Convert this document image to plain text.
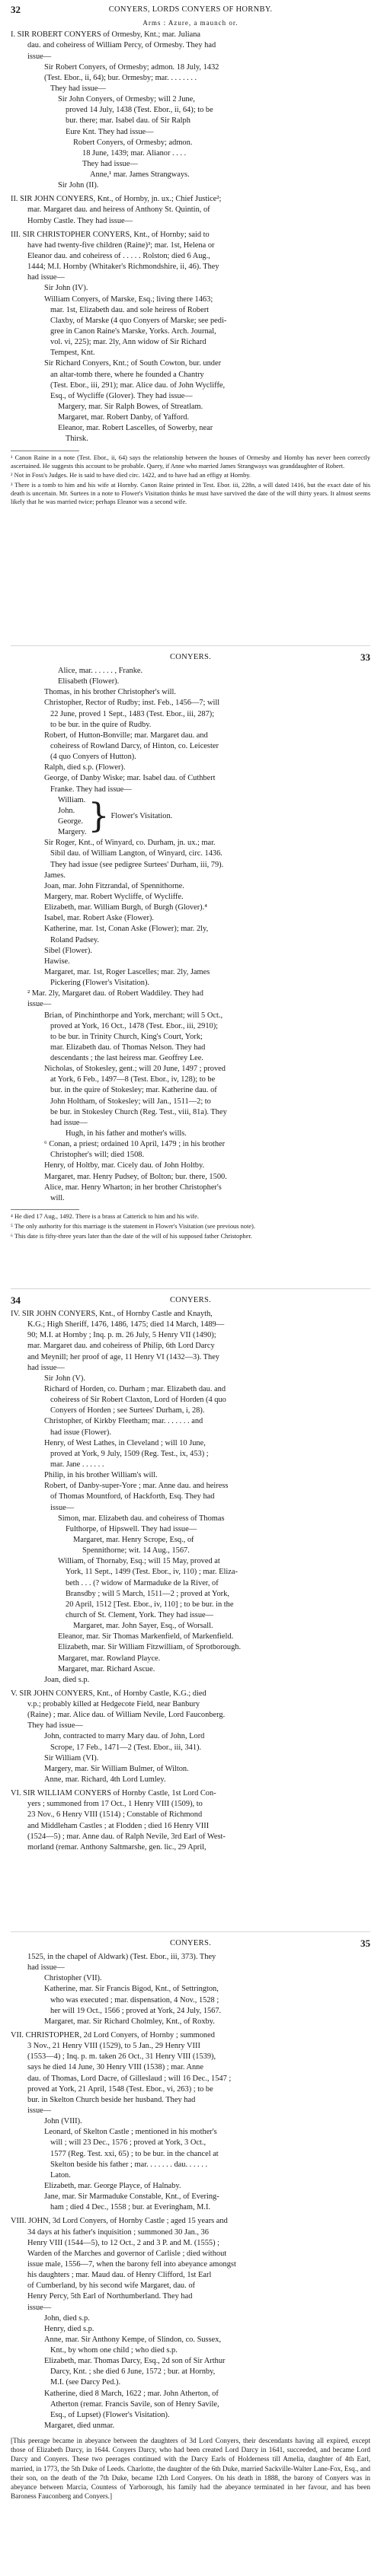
32	CONYERS, LORDS CONYERS OF HORNBY.

Arms : Azure, a maunch or.

I. SIR ROBERT CONYERS of Ormesby, Knt.; mar. Juliana

dau. and coheiress of William Percy, of Ormesby. They had

issue—

Sir Robert Conyers, of Ormesby; admon. 18 July, 1432

(Test. Ebor., ii, 64); bur. Ormesby; mar. . . . . . . .

They had issue—

Sir John Conyers, of Ormesby; will 2 June,

proved 14 July, 1438 (Test. Ebor., ii, 64); to be

bur. there; mar. Isabel dau. of Sir Ralph

Eure Knt. They had issue—

Robert Conyers, of Ormesby; admon.

18 June, 1439; mar. Alianor . . . .

They had issue—

Anne,¹ mar. James Strangways.

Sir John (II).

II. SIR JOHN CONYERS, Knt., of Hornby, jn. ux.; Chief Justice²;

mar. Margaret dau. and heiress of Anthony St. Quintin, of

Hornby Castle. They had issue—

III. SIR CHRISTOPHER CONYERS, Knt., of Hornby; said to

have had twenty-five children (Raine)³; mar. 1st, Helena or

Eleanor dau. and coheiress of . . . . . Rolston; died 6 Aug.,

1444; M.I. Hornby (Whitaker's Richmondshire, ii, 46). They

had issue—

Sir John (IV).

William Conyers, of Marske, Esq.; living there 1463;

mar. 1st, Elizabeth dau. and sole heiress of Robert

Claxby, of Marske (4 quo Conyers of Marske; see pedi-

gree in Canon Raine's Marske, Yorks. Arch. Journal,

vol. vi, 225); mar. 2ly, Ann widow of Sir Richard

Tempest, Knt.

Sir Richard Conyers, Knt.; of South Cowton, bur. under

an altar-tomb there, where he founded a Chantry

(Test. Ebor., iii, 291); mar. Alice dau. of John Wycliffe,

Esq., of Wycliffe (Glover). They had issue—

Margery, mar. Sir Ralph Bowes, of Streatlam.

Margaret, mar. Robert Danby, of Yafford.

Eleanor, mar. Robert Lascelles, of Sowerby, near

Thirsk.

¹ Canon Raine in a note (Test. Ebor., ii, 64) says the relationship between the houses of Ormesby and Hornby has never been correctly ascertained. He suggests this account to be probable. Query, if Anne who married James Strangways was granddaughter of Robert.

² Not in Foss's Judges. He is said to have died circ. 1422, and to have had an effigy at Hornby.

³ There is a tomb to him and his wife at Hornby. Canon Raine printed in Test. Ebor. iii, 228n, a will dated 1416, but the exact date of his death is uncertain. Mr. Surtees in a note to Flower's Visitation thinks he must have survived the date of the will thirty years. It almost seems likely that he was married twice; perhaps Eleanor was a second wife.

33
CONYERS.

Alice, mar. . . . . . , Franke.

Elisabeth (Flower).

Thomas, in his brother Christopher's will.

Christopher, Rector of Rudby; inst. Feb., 1456—7; will

22 June, proved 1 Sept., 1483 (Test. Ebor., iii, 287);

to be bur. in the quire of Rudby.

Robert, of Hutton-Bonville; mar. Margaret dau. and

coheiress of Rowland Darcy, of Hinton, co. Leicester

(4 quo Conyers of Hutton).

Ralph, died s.p. (Flower).

George, of Danby Wiske; mar. Isabel dau. of Cuthbert

Franke. They had issue—

William.

John.

George.

Margery. } Flower's Visitation.

Sir Roger, Knt., of Winyard, co. Durham, jn. ux.; mar.

Sibil dau. of William Langton, of Winyard, circ. 1436.

They had issue (see pedigree Surtees' Durham, iii, 79).

James.

Joan, mar. John Fitzrandal, of Spennithorne.

Margery, mar. Robert Wycliffe, of Wycliffe.

Elizabeth, mar. William Burgh, of Burgh (Glover).⁴

Isabel, mar. Robert Aske (Flower).

Katherine, mar. 1st, Conan Aske (Flower); mar. 2ly,

Roland Padsey.

Sibel (Flower).

Hawise.

Margaret, mar. 1st, Roger Lascelles; mar. 2ly, James

Pickering (Flower's Visitation).

² Mar. 2ly, Margaret dau. of Robert Waddiley. They had

issue—

Brian, of Pinchinthorpe and York, merchant; will 5 Oct.,

proved at York, 16 Oct., 1478 (Test. Ebor., iii, 2910);

to be bur. in Trinity Church, King's Court, York;

mar. Elizabeth dau. of Thomas Nelson. They had

descendants ; the last heiress mar. Geoffrey Lee.

Nicholas, of Stokesley, gent.; will 20 June, 1497 ; proved

at York, 6 Feb., 1497—8 (Test. Ebor., iv, 128); to be

bur. in the quire of Stokesley; mar. Katherine dau. of

John Holtham, of Stokesley; will Jan., 1511—2; to

be bur. in Stokesley Church (Reg. Test., viii, 81a). They

had issue—

Hugh, in his father and mother's wills.

⁶ Conan, a priest; ordained 10 April, 1479 ; in his brother

Christopher's will; died 1508.

Henry, of Holtby, mar. Cicely dau. of John Holtby.

Margaret, mar. Henry Pudsey, of Bolton; bur. there, 1500.

Alice, mar. Henry Wharton; in her brother Christopher's

will.

⁴ He died 17 Aug., 1492. There is a brass at Catterick to him and his wife.

⁵ The only authority for this marriage is the statement in Flower's Visitation (see previous note).

⁶ This date is fifty-three years later than the date of the will of his supposed father Christopher.

34	CONYERS.

IV. SIR JOHN CONYERS, Knt., of Hornby Castle and Knayth,

K.G.; High Sheriff, 1476, 1486, 1475; died 14 March, 1489—

90; M.I. at Hornby ; Inq. p. m. 26 July, 5 Henry VII (1490);

mar. Margaret dau. and coheiress of Philip, 6th Lord Darcy

and Meynill; her proof of age, 11 Henry VI (1432—3). They

had issue—

Sir John (V).

Richard of Horden, co. Durham ; mar. Elizabeth dau. and

coheiress of Sir Robert Claxton, Lord of Horden (4 quo

Conyers of Horden ; see Surtees' Durham, i, 28).

Christopher, of Kirkby Fleetham; mar. . . . . . . and

had issue (Flower).

Henry, of West Lathes, in Cleveland ; will 10 June,

proved at York, 9 July, 1509 (Reg. Test., ix, 453) ;

mar. Jane . . . . . .

Philip, in his brother William's will.

Robert, of Danby-super-Yore ; mar. Anne dau. and heiress

of Thomas Mountford, of Hackforth, Esq. They had

issue—

Simon, mar. Elizabeth dau. and coheiress of Thomas

Fulthorpe, of Hipswell. They had issue—

Margaret, mar. Henry Scrope, Esq., of

Spennithorne; wit. 14 Aug., 1567.

William, of Thornaby, Esq.; will 15 May, proved at

York, 11 Sept., 1499 (Test. Ebor., iv, 110) ; mar. Eliza-

beth . . . (? widow of Marmaduke de la River, of

Bransdby ; will 5 March, 1511—2 ; proved at York,

20 April, 1512 [Test. Ebor., iv, 110] ; to be bur. in the

church of St. Clement, York. They had issue—

Margaret, mar. John Sayer, Esq., of Worsall.

Eleanor, mar. Sir Thomas Markenfield, of Markenfield.

Elizabeth, mar. Sir William Fitzwilliam, of Sprotborough.

Margaret, mar. Rowland Playce.

Margaret, mar. Richard Ascue.

Joan, died s.p.

V. SIR JOHN CONYERS, Knt., of Hornby Castle, K.G.; died

v.p.; probably killed at Hedgecote Field, near Banbury

(Raine) ; mar. Alice dau. of William Nevile, Lord Fauconberg.

They had issue—

John, contracted to marry Mary dau. of John, Lord

Scrope, 17 Feb., 1471—2 (Test. Ebor., iii, 341).

Sir William (VI).

Margery, mar. Sir William Bulmer, of Wilton.

Anne, mar. Richard, 4th Lord Lumley.

VI. SIR WILLIAM CONYERS of Hornby Castle, 1st Lord Con-

yers ; summoned from 17 Oct., 1 Henry VIII (1509), to

23 Nov., 6 Henry VIII (1514) ; Constable of Richmond

and Middleham Castles ; at Flodden ; died 16 Henry VIII

(1524—5) ; mar. Anne dau. of Ralph Nevile, 3rd Earl of West-

morland (remar. Anthony Saltmarshe, gen. lic., 29 April,

35
CONYERS.

1525, in the chapel of Aldwark) (Test. Ebor., iii, 373). They

had issue—

Christopher (VII).

Katherine, mar. Sir Francis Bigod, Knt., of Settrington,

who was executed ; mar. dispensation, 4 Nov., 1528 ;

her will 19 Oct., 1566 ; proved at York, 24 July, 1567.

Margaret, mar. Sir Richard Cholmley, Knt., of Roxby.

VII. CHRISTOPHER, 2d Lord Conyers, of Hornby ; summoned

3 Nov., 21 Henry VIII (1529), to 5 Jan., 29 Henry VIII

(1553—4) ; Inq. p. m. taken 26 Oct., 31 Henry VIII (1539),

says he died 14 June, 30 Henry VIII (1538) ; mar. Anne

dau. of Thomas, Lord Dacre, of Gilleslaud ; will 16 Dec., 1547 ;

proved at York, 21 April, 1548 (Test. Ebor., vi, 263) ; to be

bur. in Skelton Church beside her husband. They had

issue—

John (VIII).

Leonard, of Skelton Castle ; mentioned in his mother's

will ; will 23 Dec., 1576 ; proved at York, 3 Oct.,

1577 (Reg. Test. xxi, 65) ; to be bur. in the chancel at

Skelton beside his father ; mar. . . . . . . dau. . . . . .

Laton.

Elizabeth, mar. George Playce, of Halnaby.

Jane, mar. Sir Marmaduke Constable, Knt., of Evering-

ham ; died 4 Dec., 1558 ; bur. at Everingham, M.I.

VIII. JOHN, 3d Lord Conyers, of Hornby Castle ; aged 15 years and

34 days at his father's inquisition ; summoned 30 Jan., 36

Henry VIII (1544—5), to 12 Oct., 2 and 3 P. and M. (1555) ;

Warden of the Marches and governor of Carlisle ; died without

issue male, 1556—7, when the barony fell into abeyance amongst

his daughters ; mar. Maud dau. of Henry Clifford, 1st Earl

of Cumberland, by his second wife Margaret, dau. of

Henry Percy, 5th Earl of Northumberland. They had

issue—

John, died s.p.

Henry, died s.p.

Anne, mar. Sir Anthony Kempe, of Slindon, co. Sussex,

Knt., by whom one child ; who died s.p.

Elizabeth, mar. Thomas Darcy, Esq., 2d son of Sir Arthur

Darcy, Knt. ; she died 6 June, 1572 ; bur. at Hornby,

M.I. (see Darcy Ped.).

Katherine, died 8 March, 1622 ; mar. John Atherton, of

Atherton (remar. Francis Savile, son of Henry Savile,

Esq., of Lupset) (Flower's Visitation).

Margaret, died unmar.

[This peerage became in abeyance between the daughters of 3d Lord Conyers, their descendants having all expired, except those of Elizabeth Darcy, in 1644. Conyers Darcy, who had been created Lord Darcy in 1641, succeeded, and became Lord Darcy and Conyers. These two peerages continued with the Darcy Earls of Holderness till Amelia, daughter of 4th Earl, married, in 1773, the 5th Duke of Leeds. Charlotte, the daughter of the 6th Duke, married Sackville-Walter Lane-Fox, Esq., and their son, on the death of the 7th Duke, became 12th Lord Conyers. On his death in 1888, the barony of Conyers was in abeyance between Marcia, Countess of Yarborough, his family had the abeyance terminated in her favour, and has been Baroness Fauconberg and Conyers.]
